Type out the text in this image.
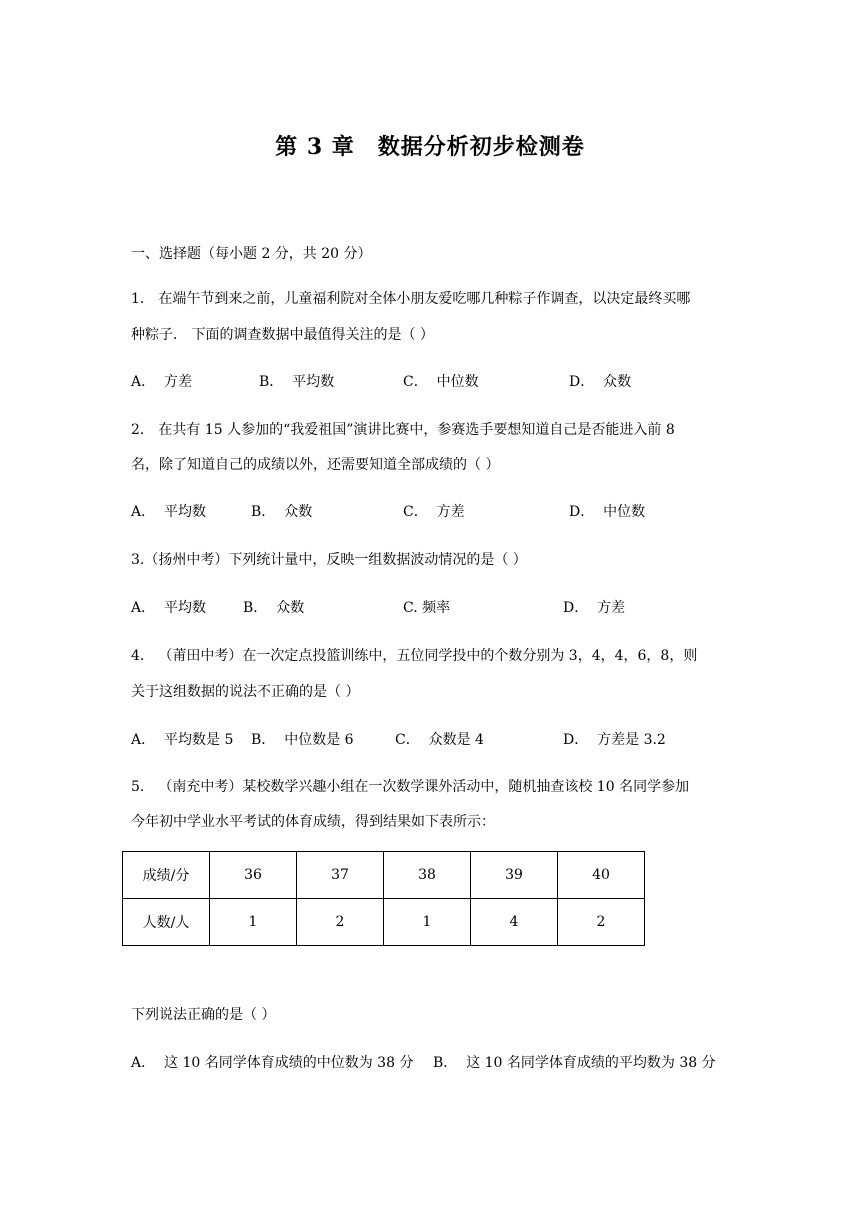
第 3 章　数据分析初步检测卷
一、选择题（每小题 2 分，共 20 分）
1． 在端午节到来之前，儿童福利院对全体小朋友爱吃哪几种粽子作调查，以决定最终买哪
种粽子． 下面的调查数据中最值得关注的是（ ）
A．  方差	B．  平均数	C．  中位数	D．  众数
2． 在共有 15 人参加的“我爱祖国”演讲比赛中，参赛选手要想知道自己是否能进入前 8
名，除了知道自己的成绩以外，还需要知道全部成绩的（ ）
A．  平均数	B．  众数	C．  方差	D．  中位数
3.（扬州中考）下列统计量中，反映一组数据波动情况的是（ ）
A．  平均数	B．  众数	C. 频率	D．  方差
4． （莆田中考）在一次定点投篮训练中，五位同学投中的个数分别为 3，4，4，6，8，则
关于这组数据的说法不正确的是（ ）
A．  平均数是 5 B．  中位数是 6	C．  众数是 4	D．  方差是 3.2
5． （南充中考）某校数学兴趣小组在一次数学课外活动中，随机抽查该校 10 名同学参加
今年初中学业水平考试的体育成绩，得到结果如下表所示：
成绩/分	36	37	38	39	40
人数/人	1	2	1	4	2
下列说法正确的是（ ）
A．  这 10 名同学体育成绩的中位数为 38 分 B．  这 10 名同学体育成绩的平均数为 38 分
